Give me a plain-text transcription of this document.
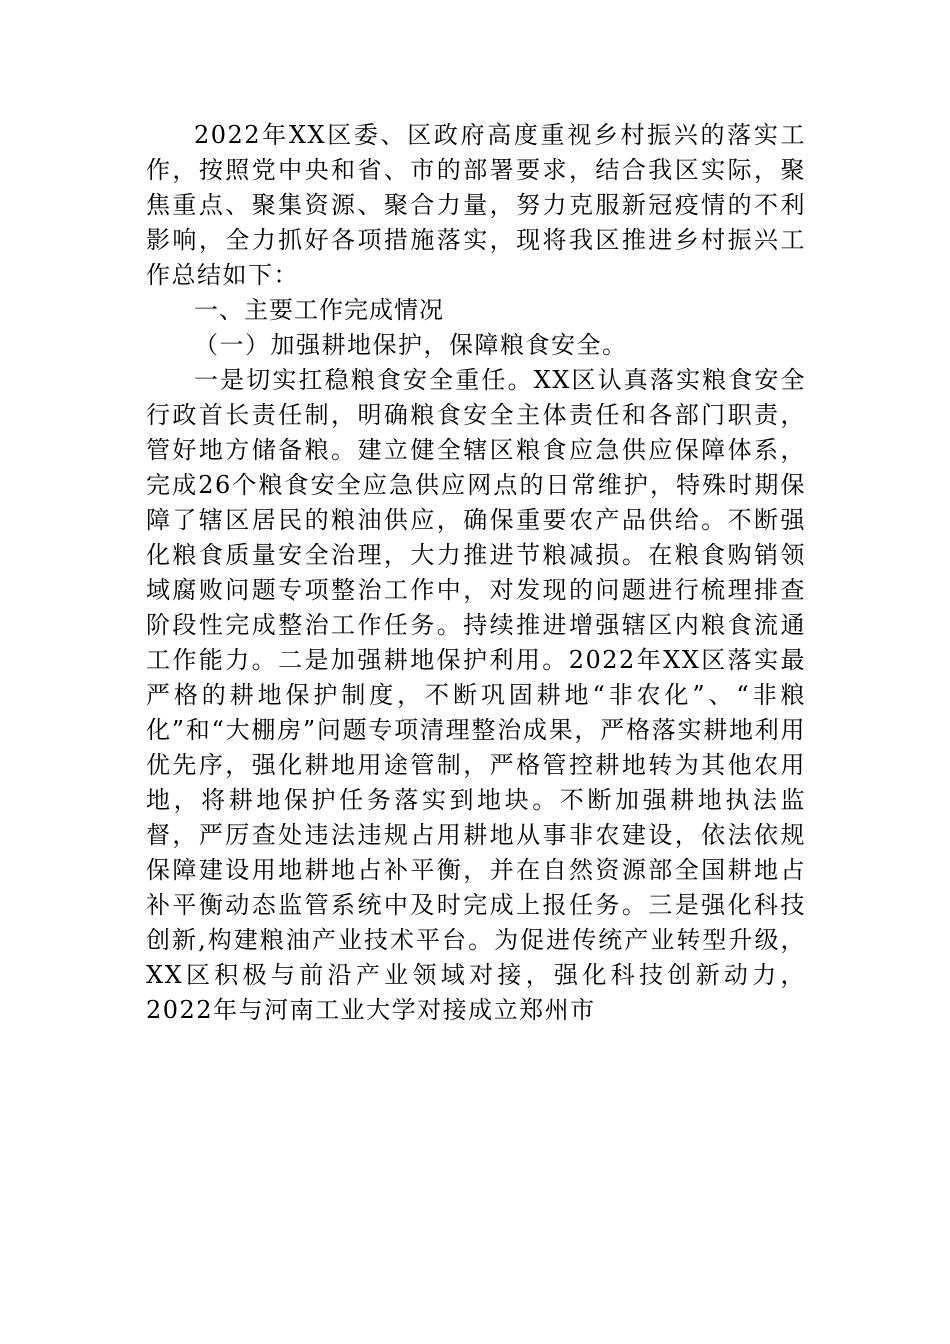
2022年XX区委、区政府高度重视乡村振兴的落实工作，按照党中央和省、市的部署要求，结合我区实际，聚焦重点、聚集资源、聚合力量，努力克服新冠疫情的不利影响，全力抓好各项措施落实，现将我区推进乡村振兴工作总结如下：

一、主要工作完成情况

（一）加强耕地保护，保障粮食安全。

一是切实扛稳粮食安全重任。XX区认真落实粮食安全行政首长责任制，明确粮食安全主体责任和各部门职责，管好地方储备粮。建立健全辖区粮食应急供应保障体系，完成26个粮食安全应急供应网点的日常维护，特殊时期保障了辖区居民的粮油供应，确保重要农产品供给。不断强化粮食质量安全治理，大力推进节粮减损。在粮食购销领域腐败问题专项整治工作中，对发现的问题进行梳理排查阶段性完成整治工作任务。持续推进增强辖区内粮食流通工作能力。二是加强耕地保护利用。2022年XX区落实最严格的耕地保护制度，不断巩固耕地“非农化”、“非粮化”和“大棚房”问题专项清理整治成果，严格落实耕地利用优先序，强化耕地用途管制，严格管控耕地转为其他农用地，将耕地保护任务落实到地块。不断加强耕地执法监督，严厉查处违法违规占用耕地从事非农建设，依法依规保障建设用地耕地占补平衡，并在自然资源部全国耕地占补平衡动态监管系统中及时完成上报任务。三是强化科技创新,构建粮油产业技术平台。为促进传统产业转型升级，XX区积极与前沿产业领域对接，强化科技创新动力，2022年与河南工业大学对接成立郑州市
